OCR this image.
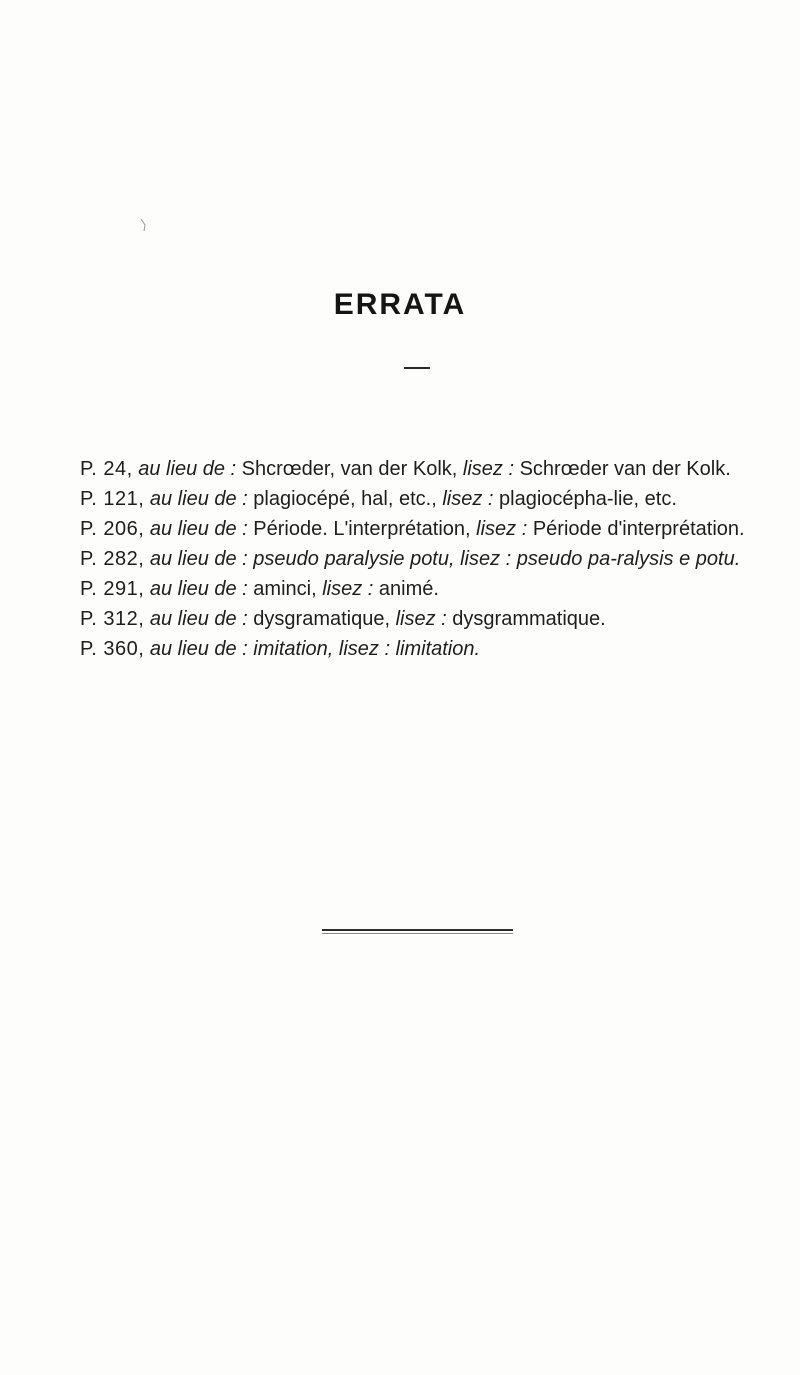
ERRATA

P. 24, au lieu de : Shcrœder, van der Kolk, lisez : Schrœder van der Kolk.

P. 121, au lieu de : plagiocépé, hal, etc., lisez : plagiocépha-lie, etc.

P. 206, au lieu de : Période. L'interprétation, lisez : Période d'interprétation.

P. 282, au lieu de : pseudo paralysie potu, lisez : pseudo pa-ralysis e potu.

P. 291, au lieu de : aminci, lisez : animé.

P. 312, au lieu de : dysgramatique, lisez : dysgrammatique.

P. 360, au lieu de : imitation, lisez : limitation.
